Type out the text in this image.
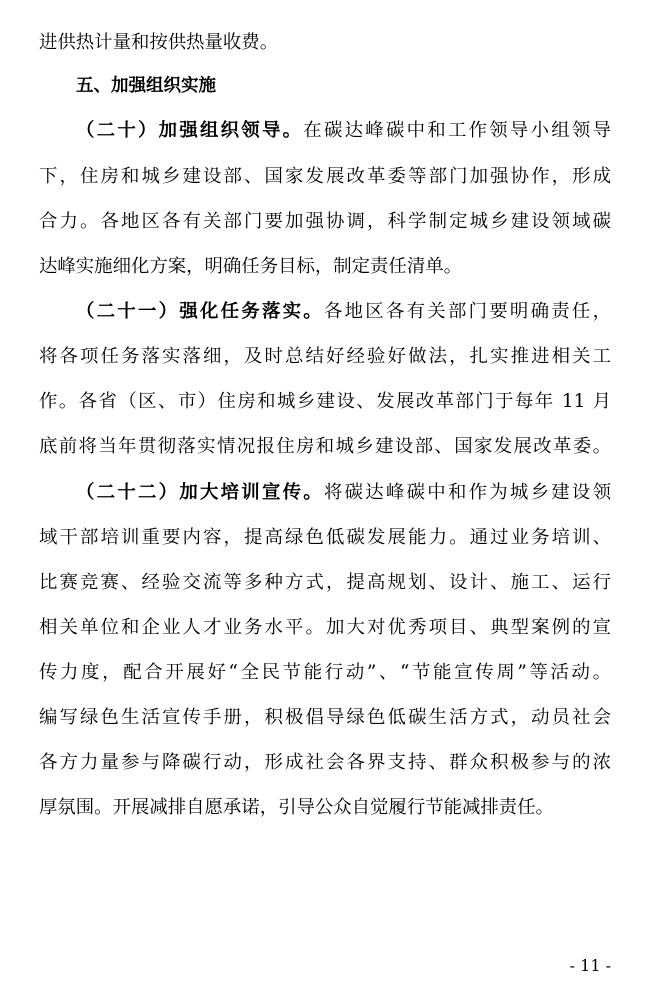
进供热计量和按供热量收费。
五、加强组织实施
（二十）加强组织领导。在碳达峰碳中和工作领导小组领导
下，住房和城乡建设部、国家发展改革委等部门加强协作，形成
合力。各地区各有关部门要加强协调，科学制定城乡建设领域碳
达峰实施细化方案，明确任务目标，制定责任清单。
（二十一）强化任务落实。各地区各有关部门要明确责任，
将各项任务落实落细，及时总结好经验好做法，扎实推进相关工
作。各省（区、市）住房和城乡建设、发展改革部门于每年 11 月
底前将当年贯彻落实情况报住房和城乡建设部、国家发展改革委。
（二十二）加大培训宣传。将碳达峰碳中和作为城乡建设领
域干部培训重要内容，提高绿色低碳发展能力。通过业务培训、
比赛竞赛、经验交流等多种方式，提高规划、设计、施工、运行
相关单位和企业人才业务水平。加大对优秀项目、典型案例的宣
传力度，配合开展好“全民节能行动”、“节能宣传周”等活动。
编写绿色生活宣传手册，积极倡导绿色低碳生活方式，动员社会
各方力量参与降碳行动，形成社会各界支持、群众积极参与的浓
厚氛围。开展减排自愿承诺，引导公众自觉履行节能减排责任。
- 11 -
